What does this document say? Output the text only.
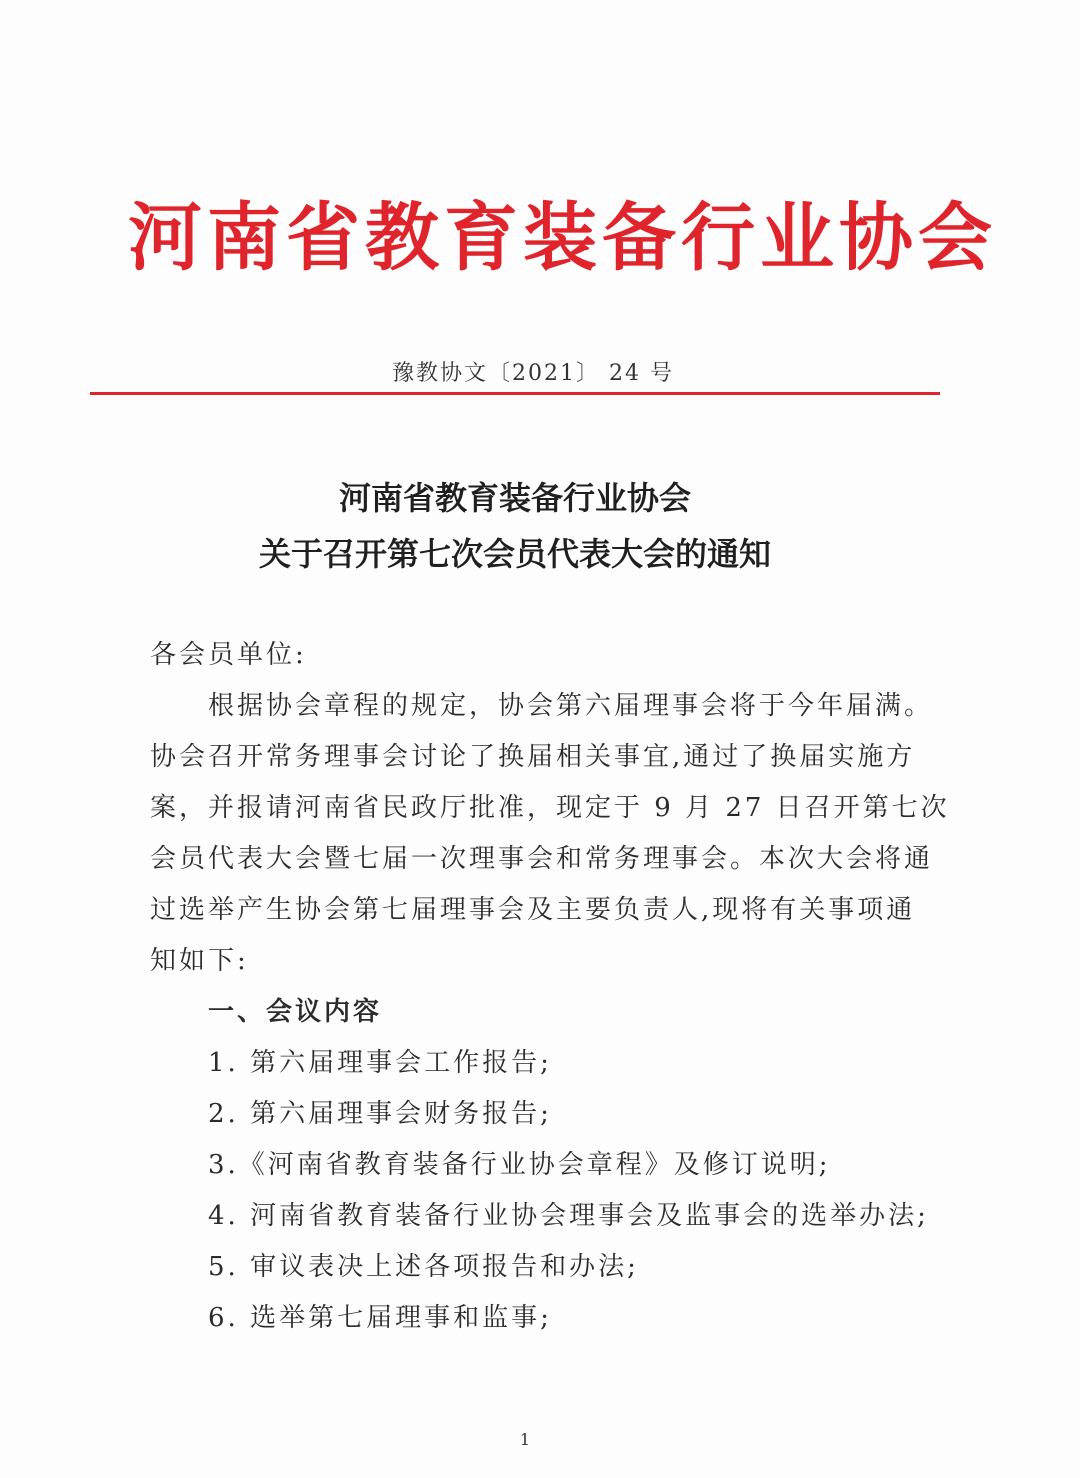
河南省教育装备行业协会
豫教协文〔2021〕 24 号
河南省教育装备行业协会
关于召开第七次会员代表大会的通知
各会员单位:
根据协会章程的规定，协会第六届理事会将于今年届满。
协会召开常务理事会讨论了换届相关事宜,通过了换届实施方
案，并报请河南省民政厅批准，现定于 9 月 27 日召开第七次
会员代表大会暨七届一次理事会和常务理事会。本次大会将通
过选举产生协会第七届理事会及主要负责人,现将有关事项通
知如下:
一、会议内容
1. 第六届理事会工作报告;
2. 第六届理事会财务报告;
3.《河南省教育装备行业协会章程》及修订说明;
4. 河南省教育装备行业协会理事会及监事会的选举办法;
5. 审议表决上述各项报告和办法;
6. 选举第七届理事和监事;
1
